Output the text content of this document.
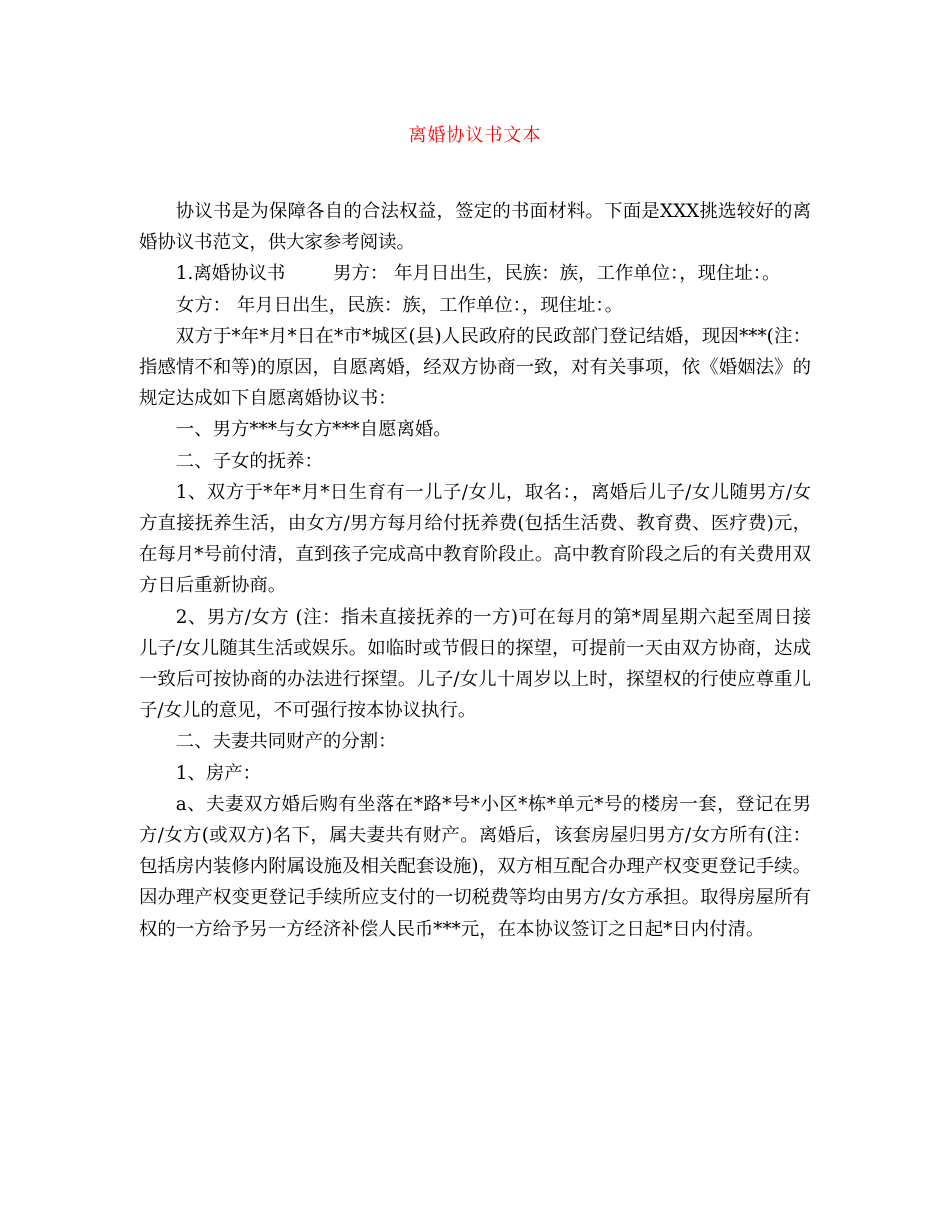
离婚协议书文本

协议书是为保障各自的合法权益，签定的书面材料。下面是XXX挑选较好的离婚协议书范文，供大家参考阅读。

1.离婚协议书	男方： 年月日出生，民族：族，工作单位：，现住址：。

女方： 年月日出生，民族：族，工作单位：，现住址：。

双方于*年*月*日在*市*城区(县)人民政府的民政部门登记结婚，现因***(注：指感情不和等)的原因，自愿离婚，经双方协商一致，对有关事项，依《婚姻法》的规定达成如下自愿离婚协议书：

一、男方***与女方***自愿离婚。

二、子女的抚养：

1、双方于*年*月*日生育有一儿子/女儿，取名：，离婚后儿子/女儿随男方/女方直接抚养生活，由女方/男方每月给付抚养费(包括生活费、教育费、医疗费)元，在每月*号前付清，直到孩子完成高中教育阶段止。高中教育阶段之后的有关费用双方日后重新协商。

2、男方/女方 (注：指未直接抚养的一方)可在每月的第*周星期六起至周日接儿子/女儿随其生活或娱乐。如临时或节假日的探望，可提前一天由双方协商，达成一致后可按协商的办法进行探望。儿子/女儿十周岁以上时，探望权的行使应尊重儿子/女儿的意见，不可强行按本协议执行。

二、夫妻共同财产的分割：

1、房产：

a、夫妻双方婚后购有坐落在*路*号*小区*栋*单元*号的楼房一套，登记在男方/女方(或双方)名下，属夫妻共有财产。离婚后，该套房屋归男方/女方所有(注：包括房内装修内附属设施及相关配套设施)，双方相互配合办理产权变更登记手续。因办理产权变更登记手续所应支付的一切税费等均由男方/女方承担。取得房屋所有权的一方给予另一方经济补偿人民币***元，在本协议签订之日起*日内付清。
